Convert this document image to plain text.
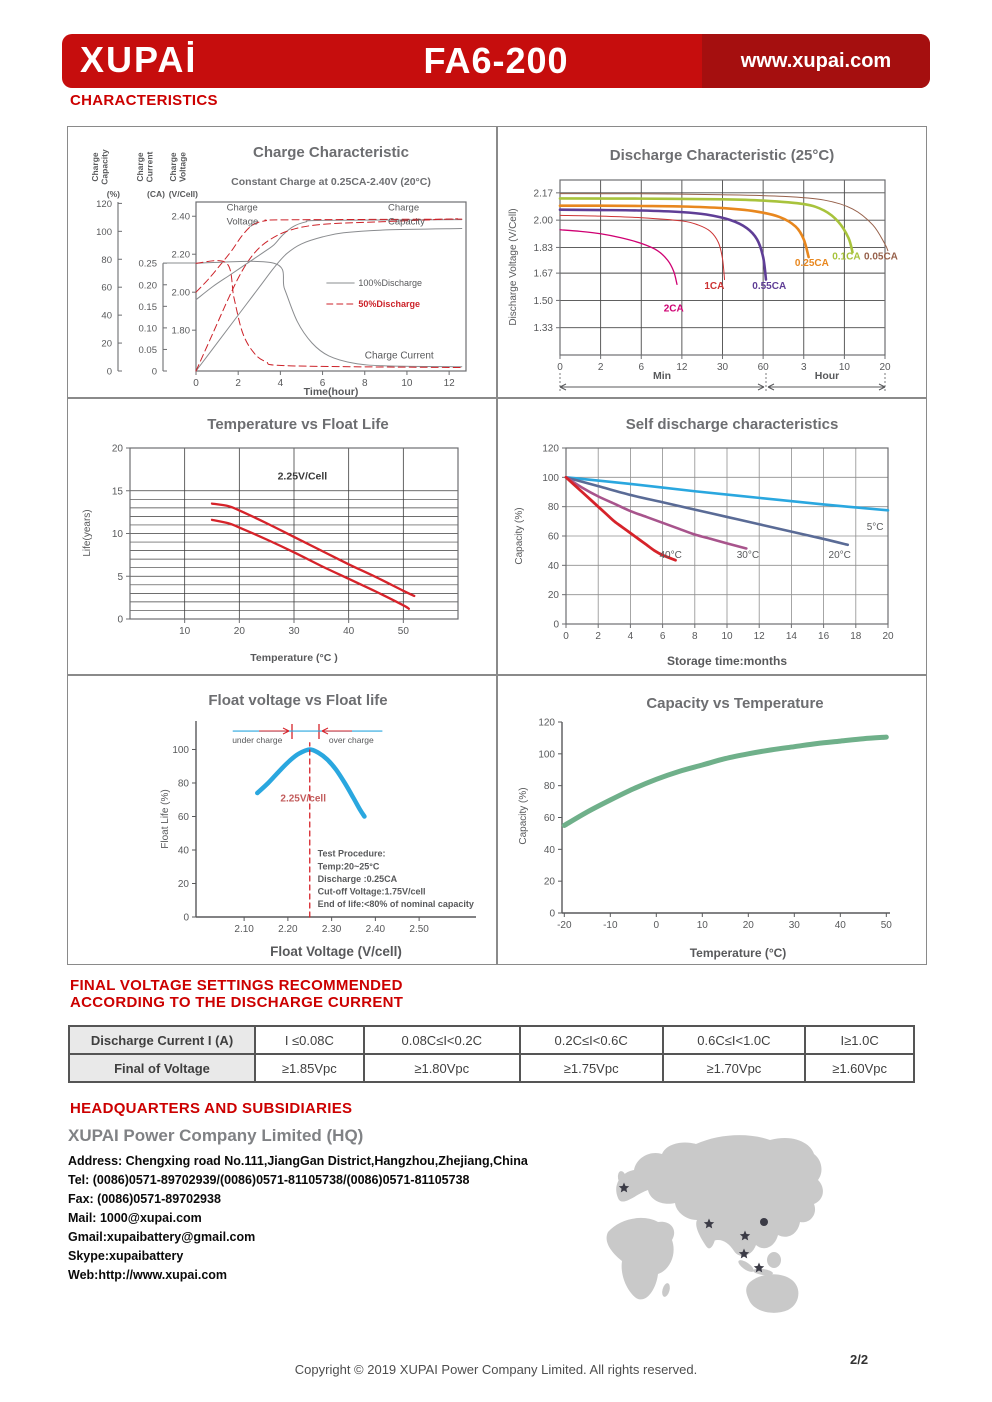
XUPAİ	FA6-200	www.xupai.com
CHARACTERISTICS
0	2	4	6	8	10	12
0
20
40
60
80
100
120
Charge Capacity
(%)
0
0.05
0.10
0.15
0.20
0.25
Charge Current
(CA)
1.80
2.00
2.20
2.40
Charge Voltage
(V/Cell)
Charge
Voltage
Charge
Capacity
Charge Current
100%Discharge
50%Discharge
Charge Characteristic
Constant Charge at 0.25CA-2.40V (20°C)
Time(hour)
0	2	6	12	30	60	3	10	20
2.17
2.00
1.83
1.67
1.50
1.33
Min	Hour
2CA
1CA	0.55CA
0.25CA
0.1CA 0.05CA
Discharge Characteristic (25°C)
Discharge Voltage (V/Cell)
10	20	30	40	50
0
5
10
15
20
2.25V/Cell
Temperature vs Float Life
Temperature (°C )
Life(years)
0	2	4	6	8 10 12 14 16 18 20
0
20
40
60
80
100
120
40°C	30°C	20°C
5°C
Self discharge characteristics
Storage time:months
Capacity (%)
2.10 2.20 2.30 2.40 2.50
0
20
40
60
80
100
under charge	over charge
2.25V/cell
Test Procedure:
Temp:20~25°C
Discharge :0.25CA
Cut-off Voltage:1.75V/cell
End of life:<80% of nominal capacity
Float voltage vs Float life
Float Voltage (V/cell)
Float Life (%)
-20	-10	0	10	20	30	40	50
0
20
40
60
80
100
120
Capacity vs Temperature
Temperature (°C)
Capacity (%)
FINAL VOLTAGE SETTINGS RECOMMENDED
ACCORDING TO THE DISCHARGE CURRENT
Discharge Current I (A)	I ≤0.08C	0.08C≤I<0.2C	0.2C≤I<0.6C	0.6C≤I<1.0C	I≥1.0C
Final of Voltage	≥1.85Vpc	≥1.80Vpc	≥1.75Vpc	≥1.70Vpc	≥1.60Vpc
HEADQUARTERS AND SUBSIDIARIES
XUPAI Power Company Limited (HQ)
Address: Chengxing road No.111,JiangGan District,Hangzhou,Zhejiang,China
Tel: (0086)0571-89702939/(0086)0571-81105738/(0086)0571-81105738
Fax: (0086)0571-89702938
Mail: 1000@xupai.com
Gmail:xupaibattery@gmail.com
Skype:xupaibattery
Web:http://www.xupai.com
Copyright © 2019 XUPAI Power Company Limited. All rights reserved.
2/2
